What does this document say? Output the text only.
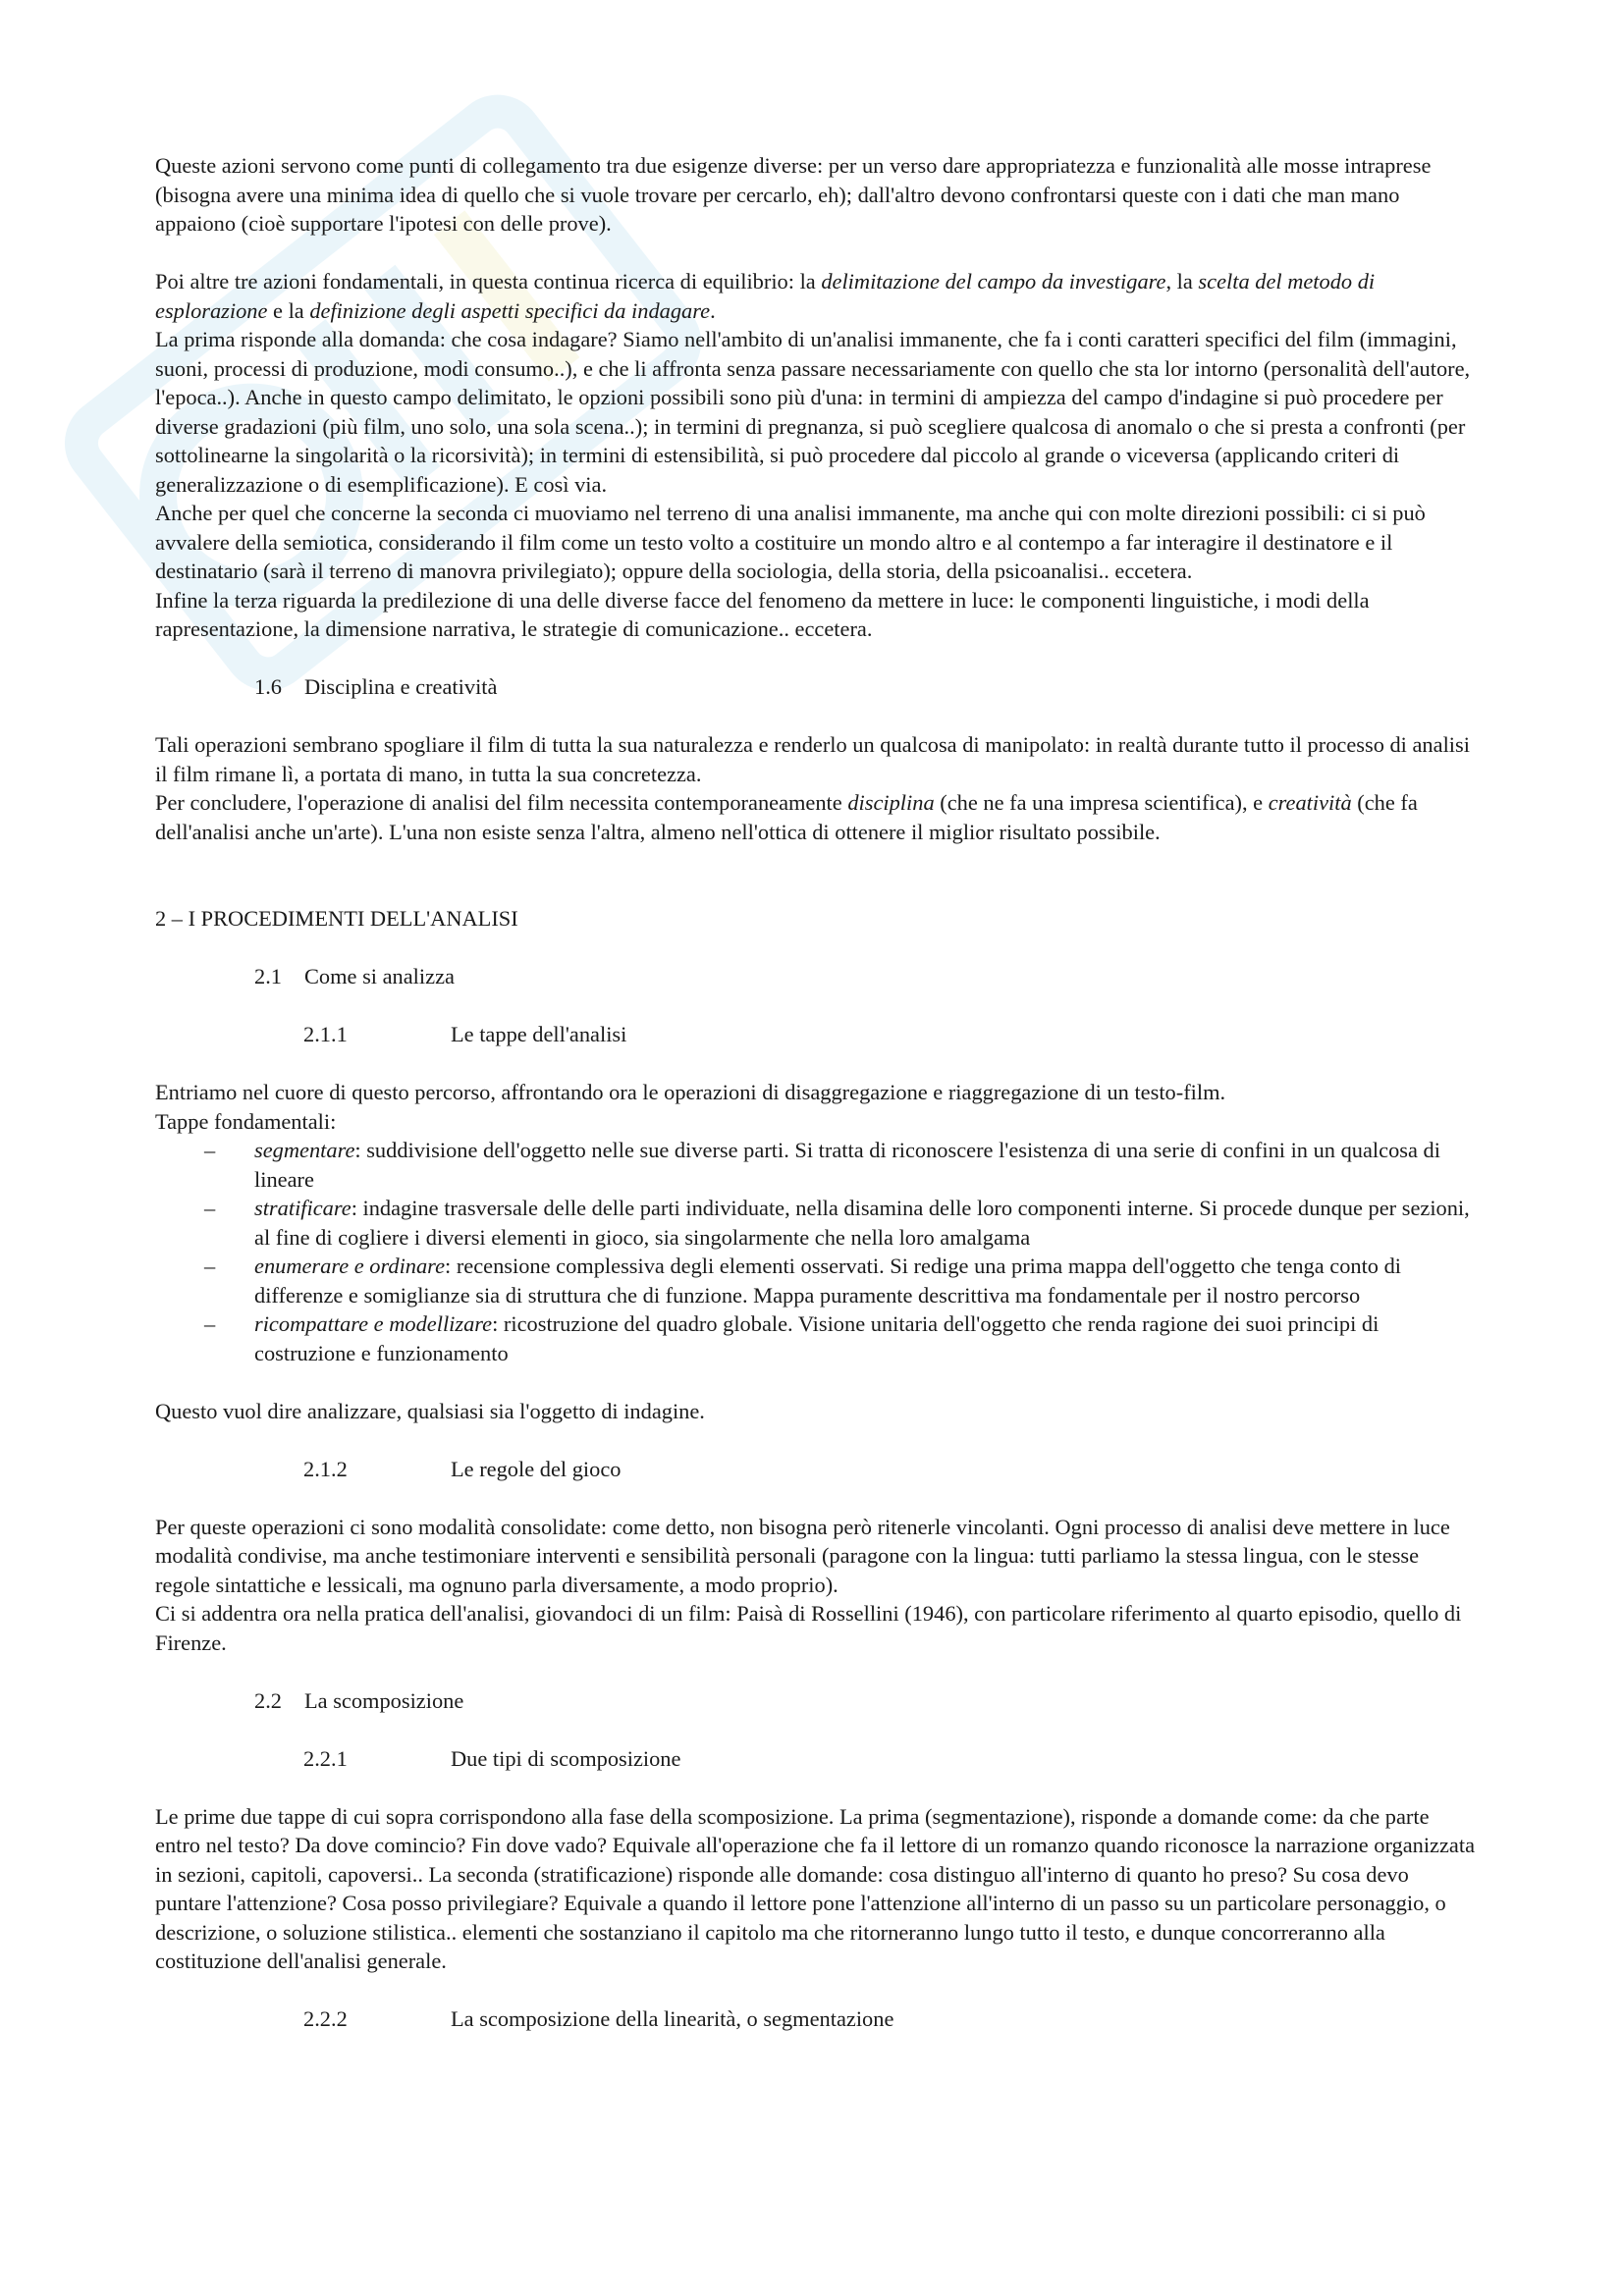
Queste azioni servono come punti di collegamento tra due esigenze diverse: per un verso dare appropriatezza e funzionalità alle mosse intraprese (bisogna avere una minima idea di quello che si vuole trovare per cercarlo, eh); dall'altro devono confrontarsi queste con i dati che man mano appaiono (cioè supportare l'ipotesi con delle prove).

Poi altre tre azioni fondamentali, in questa continua ricerca di equilibrio: la delimitazione del campo da investigare, la scelta del metodo di esplorazione e la definizione degli aspetti specifici da indagare.

La prima risponde alla domanda: che cosa indagare? Siamo nell'ambito di un'analisi immanente, che fa i conti caratteri specifici del film (immagini, suoni, processi di produzione, modi consumo..), e che li affronta senza passare necessariamente con quello che sta lor intorno (personalità dell'autore, l'epoca..). Anche in questo campo delimitato, le opzioni possibili sono più d'una: in termini di ampiezza del campo d'indagine si può procedere per diverse gradazioni (più film, uno solo, una sola scena..); in termini di pregnanza, si può scegliere qualcosa di anomalo o che si presta a confronti (per sottolinearne la singolarità o la ricorsività); in termini di estensibilità, si può procedere dal piccolo al grande o viceversa (applicando criteri di generalizzazione o di esemplificazione). E così via.

Anche per quel che concerne la seconda ci muoviamo nel terreno di una analisi immanente, ma anche qui con molte direzioni possibili: ci si può avvalere della semiotica, considerando il film come un testo volto a costituire un mondo altro e al contempo a far interagire il destinatore e il destinatario (sarà il terreno di manovra privilegiato); oppure della sociologia, della storia, della psicoanalisi.. eccetera.

Infine la terza riguarda la predilezione di una delle diverse facce del fenomeno da mettere in luce: le componenti linguistiche, i modi della rapresentazione, la dimensione narrativa, le strategie di comunicazione.. eccetera.

1.6 Disciplina e creatività

Tali operazioni sembrano spogliare il film di tutta la sua naturalezza e renderlo un qualcosa di manipolato: in realtà durante tutto il processo di analisi il film rimane lì, a portata di mano, in tutta la sua concretezza.

Per concludere, l'operazione di analisi del film necessita contemporaneamente disciplina (che ne fa una impresa scientifica), e creatività (che fa dell'analisi anche un'arte). L'una non esiste senza l'altra, almeno nell'ottica di ottenere il miglior risultato possibile.

2 – I PROCEDIMENTI DELL'ANALISI

2.1 Come si analizza

2.1.1	Le tappe dell'analisi

Entriamo nel cuore di questo percorso, affrontando ora le operazioni di disaggregazione e riaggregazione di un testo-film.

Tappe fondamentali:

– segmentare: suddivisione dell'oggetto nelle sue diverse parti. Si tratta di riconoscere l'esistenza di una serie di confini in un qualcosa di lineare
– stratificare: indagine trasversale delle delle parti individuate, nella disamina delle loro componenti interne. Si procede dunque per sezioni, al fine di cogliere i diversi elementi in gioco, sia singolarmente che nella loro amalgama
– enumerare e ordinare: recensione complessiva degli elementi osservati. Si redige una prima mappa dell'oggetto che tenga conto di differenze e somiglianze sia di struttura che di funzione. Mappa puramente descrittiva ma fondamentale per il nostro percorso
– ricompattare e modellizare: ricostruzione del quadro globale. Visione unitaria dell'oggetto che renda ragione dei suoi principi di costruzione e funzionamento

Questo vuol dire analizzare, qualsiasi sia l'oggetto di indagine.

2.1.2	Le regole del gioco

Per queste operazioni ci sono modalità consolidate: come detto, non bisogna però ritenerle vincolanti. Ogni processo di analisi deve mettere in luce modalità condivise, ma anche testimoniare interventi e sensibilità personali (paragone con la lingua: tutti parliamo la stessa lingua, con le stesse regole sintattiche e lessicali, ma ognuno parla diversamente, a modo proprio).

Ci si addentra ora nella pratica dell'analisi, giovandoci di un film: Paisà di Rossellini (1946), con particolare riferimento al quarto episodio, quello di Firenze.

2.2 La scomposizione

2.2.1	Due tipi di scomposizione

Le prime due tappe di cui sopra corrispondono alla fase della scomposizione. La prima (segmentazione), risponde a domande come: da che parte entro nel testo? Da dove comincio? Fin dove vado? Equivale all'operazione che fa il lettore di un romanzo quando riconosce la narrazione organizzata in sezioni, capitoli, capoversi.. La seconda (stratificazione) risponde alle domande: cosa distinguo all'interno di quanto ho preso? Su cosa devo puntare l'attenzione? Cosa posso privilegiare? Equivale a quando il lettore pone l'attenzione all'interno di un passo su un particolare personaggio, o descrizione, o soluzione stilistica.. elementi che sostanziano il capitolo ma che ritorneranno lungo tutto il testo, e dunque concorreranno alla costituzione dell'analisi generale.

2.2.2	La scomposizione della linearità, o segmentazione
